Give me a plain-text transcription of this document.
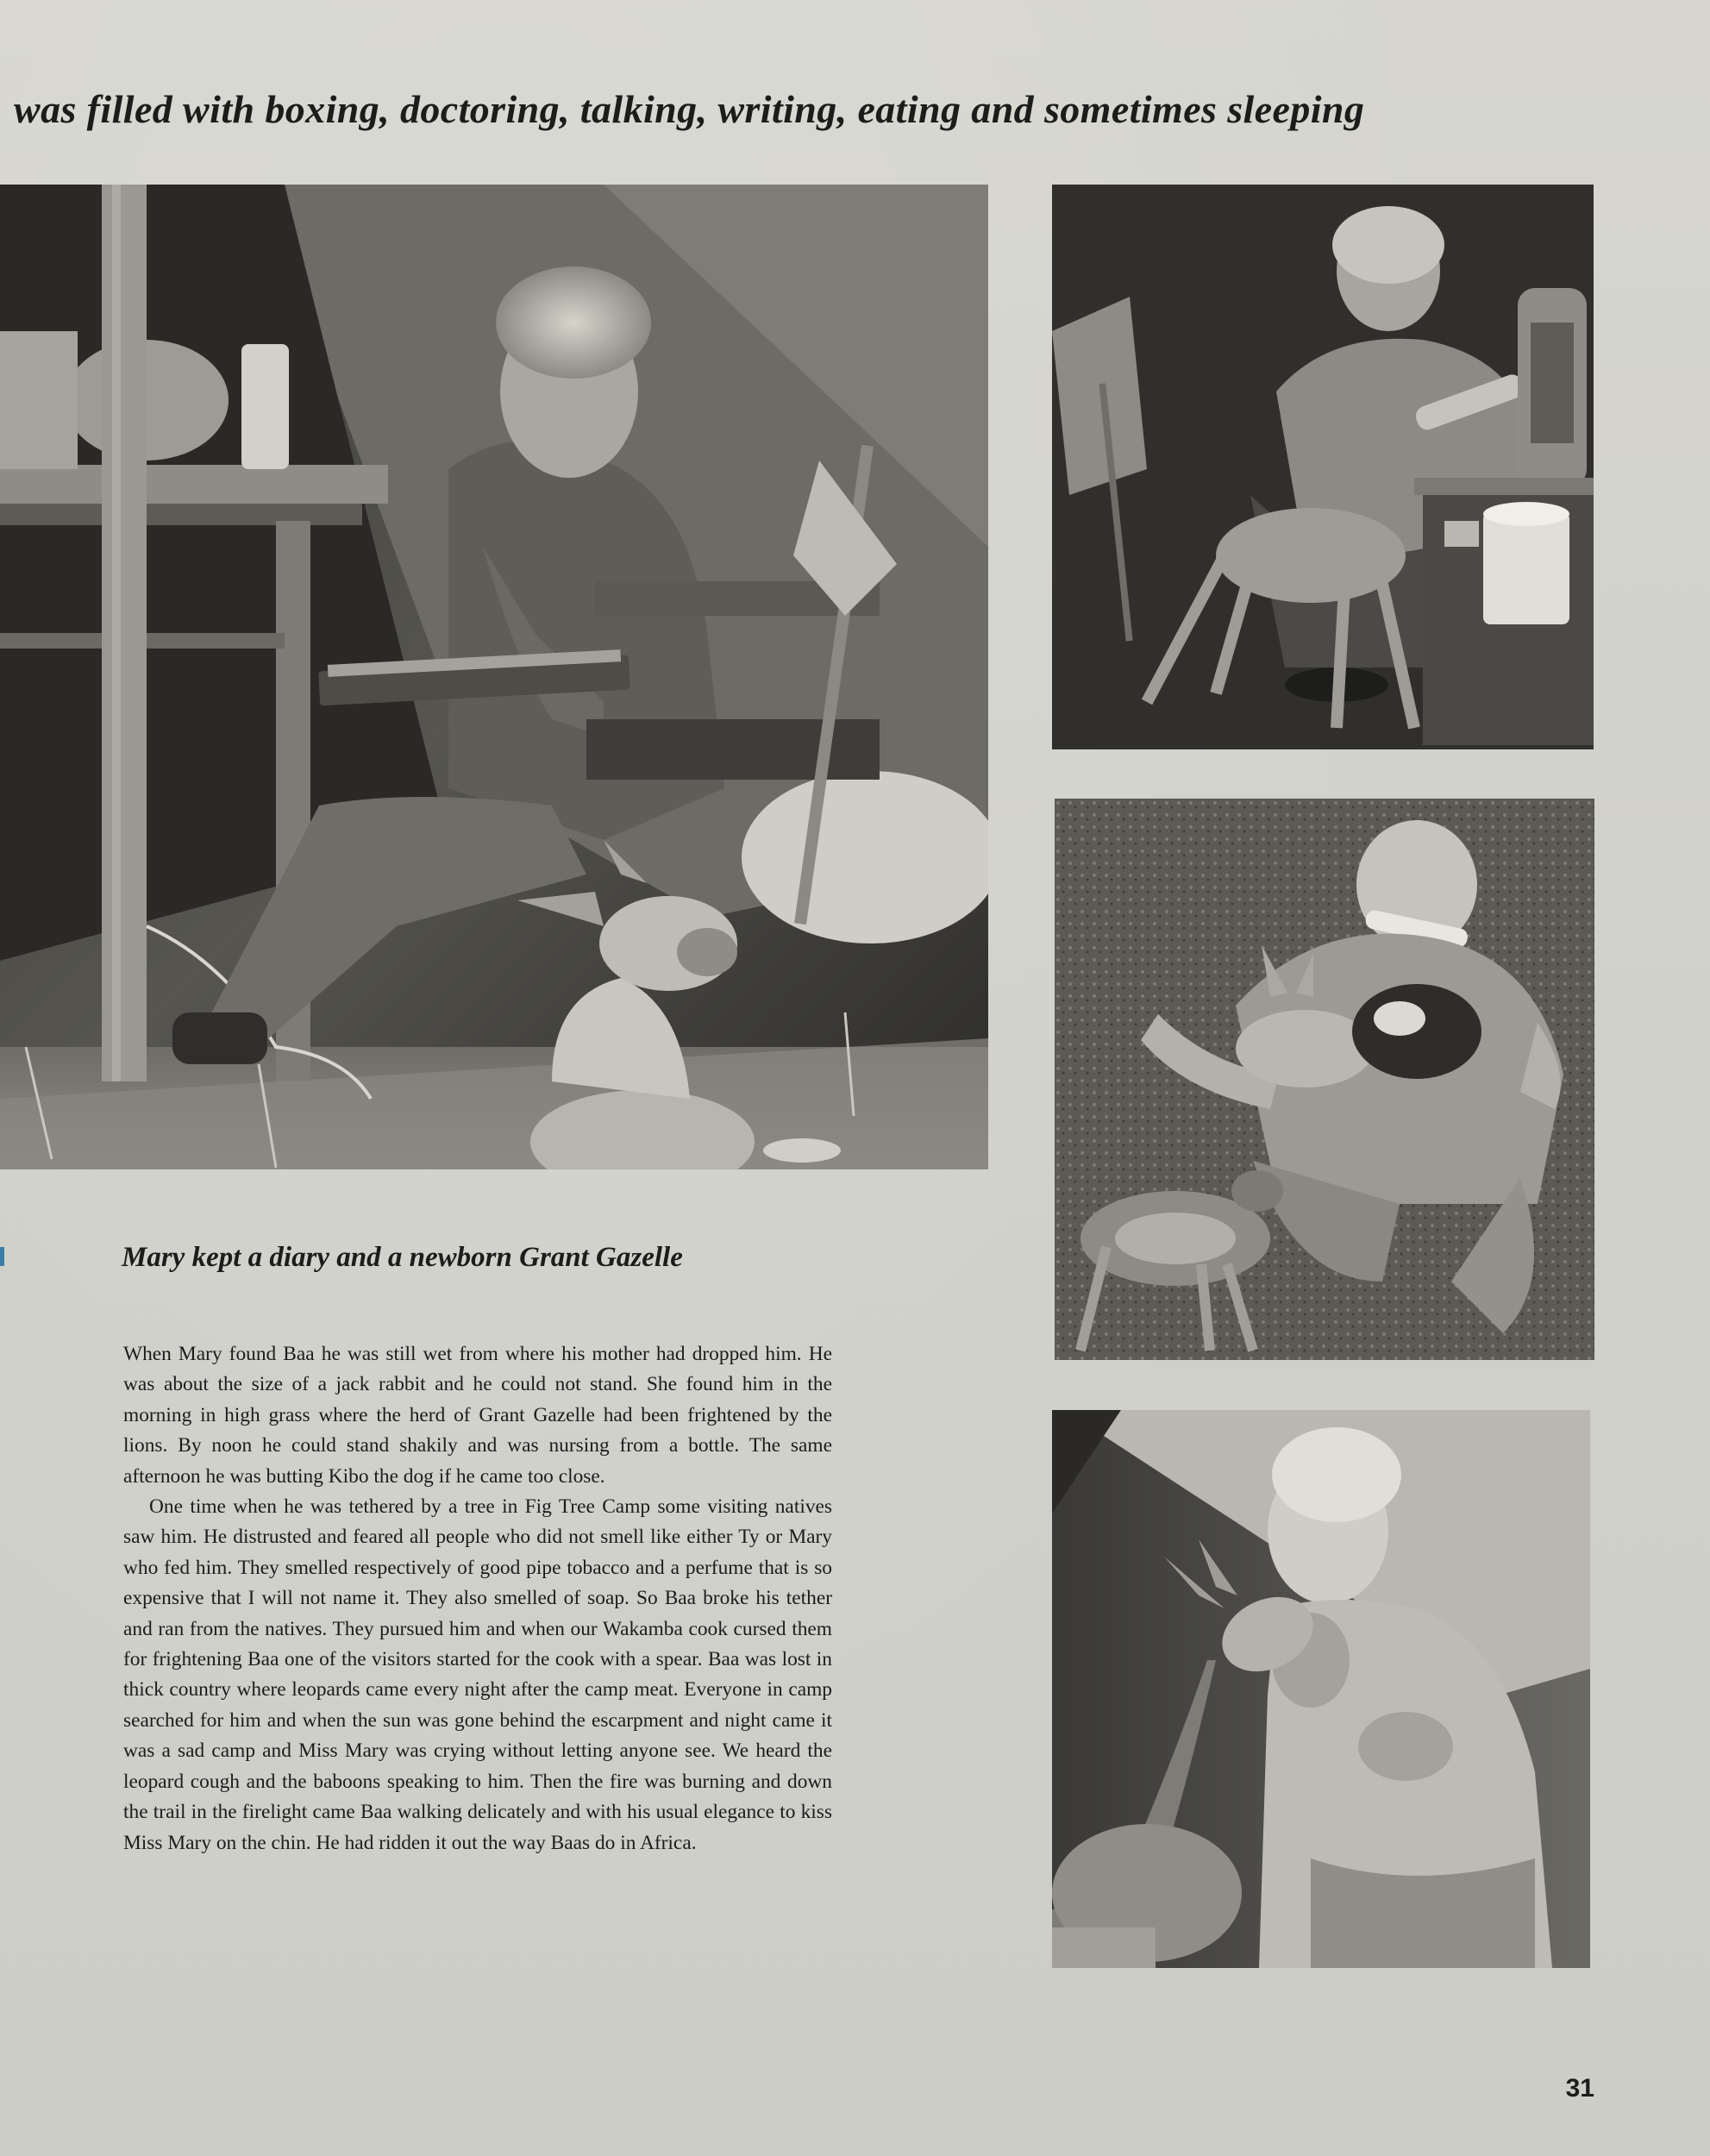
was filled with boxing, doctoring, talking, writing, eating and sometimes sleeping
Mary kept a diary and a newborn Grant Gazelle

When Mary found Baa he was still wet from where his mother had dropped him. He was about the size of a jack rabbit and he could not stand. She found him in the morning in high grass where the herd of Grant Gazelle had been frightened by the lions. By noon he could stand shakily and was nursing from a bottle. The same afternoon he was butting Kibo the dog if he came too close.

One time when he was tethered by a tree in Fig Tree Camp some visiting natives saw him. He distrusted and feared all people who did not smell like either Ty or Mary who fed him. They smelled respectively of good pipe tobacco and a perfume that is so expensive that I will not name it. They also smelled of soap. So Baa broke his tether and ran from the natives. They pursued him and when our Wakamba cook cursed them for frightening Baa one of the visitors started for the cook with a spear. Baa was lost in thick country where leopards came every night after the camp meat. Everyone in camp searched for him and when the sun was gone behind the escarpment and night came it was a sad camp and Miss Mary was crying without letting anyone see. We heard the leopard cough and the baboons speaking to him. Then the fire was burning and down the trail in the firelight came Baa walking delicately and with his usual elegance to kiss Miss Mary on the chin. He had ridden it out the way Baas do in Africa.

31
